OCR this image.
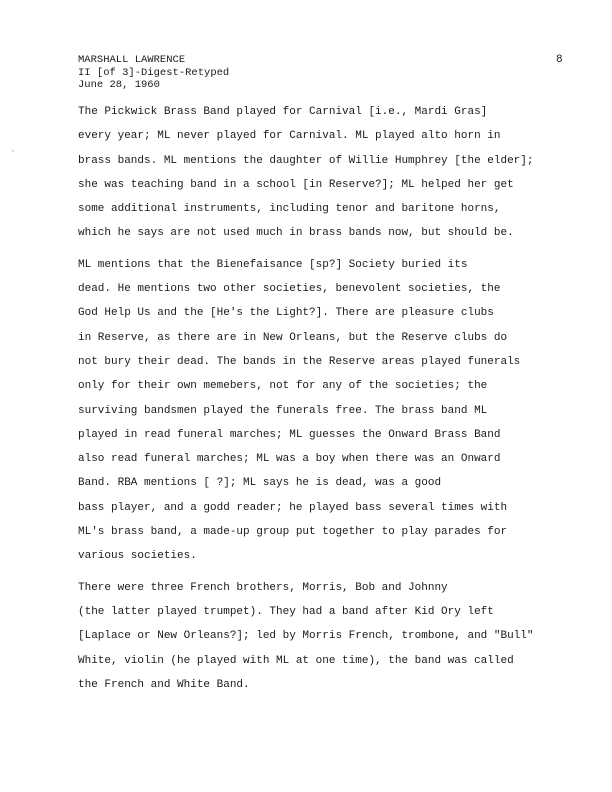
MARSHALL LAWRENCE
II [of 3]-Digest-Retyped
June 28, 1960
8
`
The Pickwick Brass Band played for Carnival [i.e., Mardi Gras]
every year; ML never played for Carnival. ML played alto horn in
brass bands. ML mentions the daughter of Willie Humphrey [the elder];
she was teaching band in a school [in Reserve?]; ML helped her get
some additional instruments, including tenor and baritone horns,
which he says are not used much in brass bands now, but should be.
ML mentions that the Bienefaisance [sp?] Society buried its
dead. He mentions two other societies, benevolent societies, the
God Help Us and the [He's the Light?]. There are pleasure clubs
in Reserve, as there are in New Orleans, but the Reserve clubs do
not bury their dead. The bands in the Reserve areas played funerals
only for their own memebers, not for any of the societies; the
surviving bandsmen played the funerals free. The brass band ML
played in read funeral marches; ML guesses the Onward Brass Band
also read funeral marches; ML was a boy when there was an Onward
Band. RBA mentions [ ?]; ML says he is dead, was a good
bass player, and a godd reader; he played bass several times with
ML's brass band, a made-up group put together to play parades for
various societies.
There were three French brothers, Morris, Bob and Johnny
(the latter played trumpet). They had a band after Kid Ory left
[Laplace or New Orleans?]; led by Morris French, trombone, and "Bull"
White, violin (he played with ML at one time), the band was called
the French and White Band.
